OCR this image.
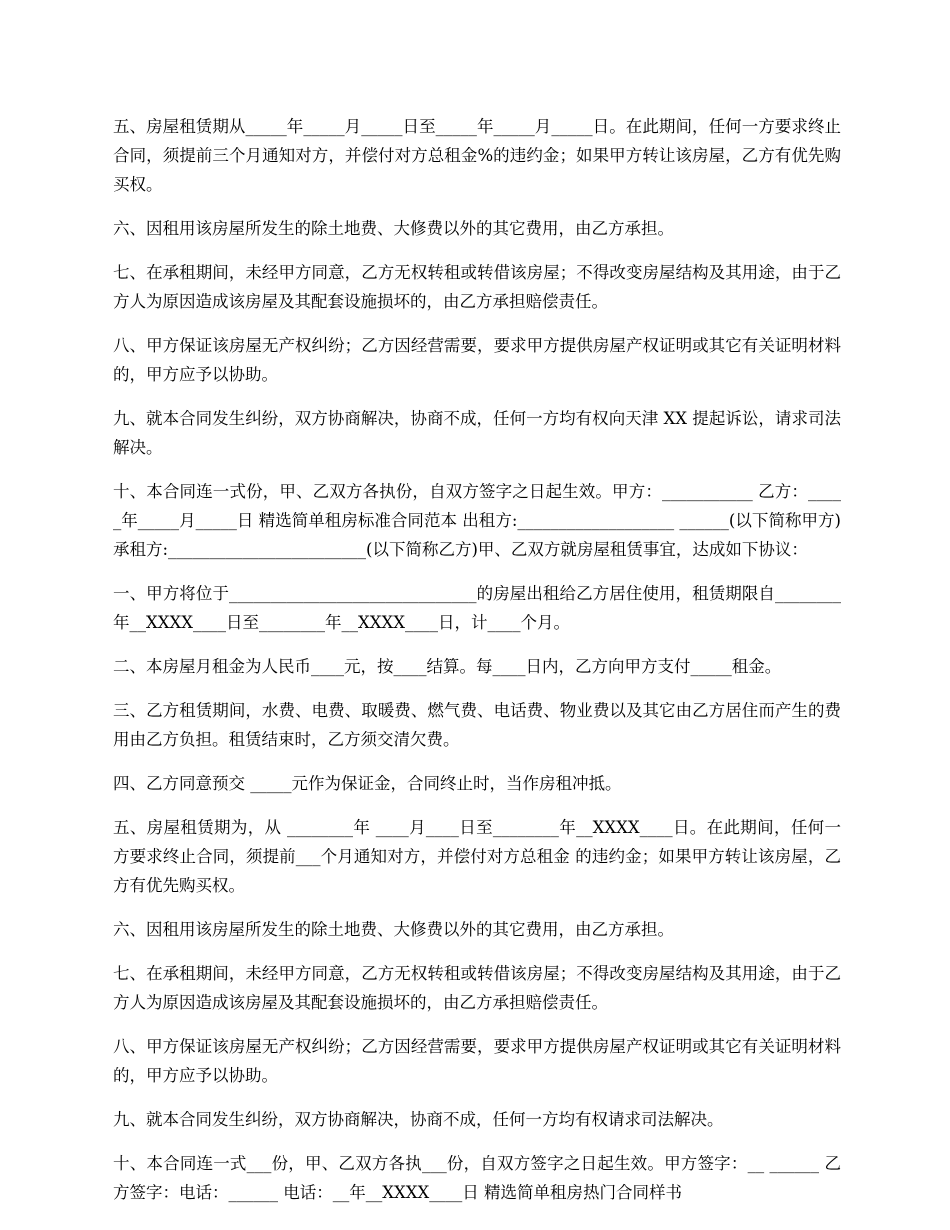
五、房屋租赁期从_____年_____月_____日至_____年_____月_____日。在此期间，任何一方要求终止合同，须提前三个月通知对方，并偿付对方总租金%的违约金；如果甲方转让该房屋，乙方有优先购买权。

六、因租用该房屋所发生的除土地费、大修费以外的其它费用，由乙方承担。

七、在承租期间，未经甲方同意，乙方无权转租或转借该房屋；不得改变房屋结构及其用途，由于乙方人为原因造成该房屋及其配套设施损坏的，由乙方承担赔偿责任。

八、甲方保证该房屋无产权纠纷；乙方因经营需要，要求甲方提供房屋产权证明或其它有关证明材料的，甲方应予以协助。

九、就本合同发生纠纷，双方协商解决，协商不成，任何一方均有权向天津 XX 提起诉讼，请求司法解决。

十、本合同连一式份，甲、乙双方各执份，自双方签字之日起生效。甲方：___________ 乙方：_____年_____月_____日 精选简单租房标准合同范本 出租方:___________________ ______(以下简称甲方)承租方:________________________(以下简称乙方)甲、乙双方就房屋租赁事宜，达成如下协议：

一、甲方将位于______________________________的房屋出租给乙方居住使用，租赁期限自________年__XXXX____日至________年__XXXX____日，计____个月。

二、本房屋月租金为人民币____元，按____结算。每____日内，乙方向甲方支付_____租金。

三、乙方租赁期间，水费、电费、取暖费、燃气费、电话费、物业费以及其它由乙方居住而产生的费用由乙方负担。租赁结束时，乙方须交清欠费。

四、乙方同意预交 _____元作为保证金，合同终止时，当作房租冲抵。

五、房屋租赁期为，从 ________年 ____月____日至________年__XXXX____日。在此期间，任何一方要求终止合同，须提前___个月通知对方，并偿付对方总租金 的违约金；如果甲方转让该房屋，乙方有优先购买权。

六、因租用该房屋所发生的除土地费、大修费以外的其它费用，由乙方承担。

七、在承租期间，未经甲方同意，乙方无权转租或转借该房屋；不得改变房屋结构及其用途，由于乙方人为原因造成该房屋及其配套设施损坏的，由乙方承担赔偿责任。

八、甲方保证该房屋无产权纠纷；乙方因经营需要，要求甲方提供房屋产权证明或其它有关证明材料的，甲方应予以协助。

九、就本合同发生纠纷，双方协商解决，协商不成，任何一方均有权请求司法解决。

十、本合同连一式___份，甲、乙双方各执___份，自双方签字之日起生效。甲方签字：__ ______ 乙方签字：电话：______ 电话：__年__XXXX____日 精选简单租房热门合同样书
